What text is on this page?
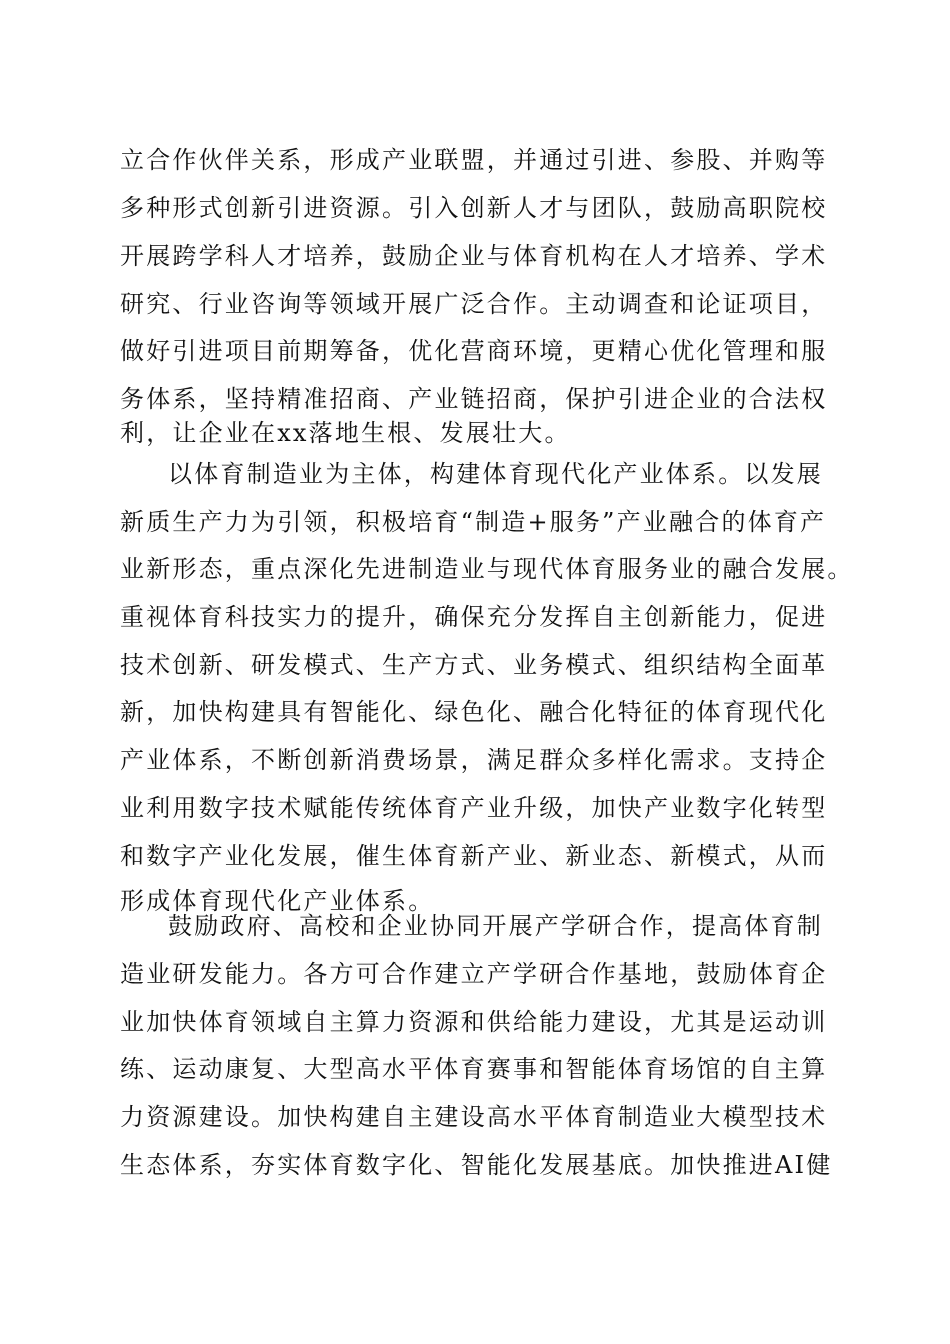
立合作伙伴关系，形成产业联盟，并通过引进、参股、并购等
多种形式创新引进资源。引入创新人才与团队，鼓励高职院校
开展跨学科人才培养，鼓励企业与体育机构在人才培养、学术
研究、行业咨询等领域开展广泛合作。主动调查和论证项目，
做好引进项目前期筹备，优化营商环境，更精心优化管理和服
务体系，坚持精准招商、产业链招商，保护引进企业的合法权
利，让企业在xx落地生根、发展壮大。
以体育制造业为主体，构建体育现代化产业体系。以发展
新质生产力为引领，积极培育“制造+服务”产业融合的体育产
业新形态，重点深化先进制造业与现代体育服务业的融合发展。
重视体育科技实力的提升，确保充分发挥自主创新能力，促进
技术创新、研发模式、生产方式、业务模式、组织结构全面革
新，加快构建具有智能化、绿色化、融合化特征的体育现代化
产业体系，不断创新消费场景，满足群众多样化需求。支持企
业利用数字技术赋能传统体育产业升级，加快产业数字化转型
和数字产业化发展，催生体育新产业、新业态、新模式，从而
形成体育现代化产业体系。
鼓励政府、高校和企业协同开展产学研合作，提高体育制
造业研发能力。各方可合作建立产学研合作基地，鼓励体育企
业加快体育领域自主算力资源和供给能力建设，尤其是运动训
练、运动康复、大型高水平体育赛事和智能体育场馆的自主算
力资源建设。加快构建自主建设高水平体育制造业大模型技术
生态体系，夯实体育数字化、智能化发展基底。加快推进AI健
